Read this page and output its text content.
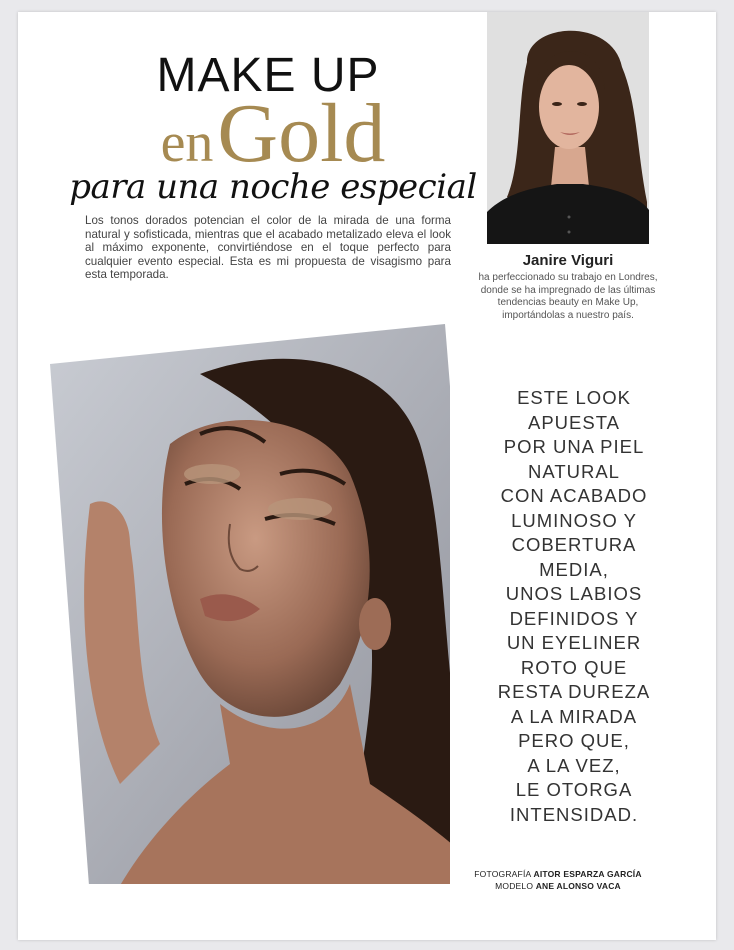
MAKE UP
en Gold
para una noche especial

Los tonos dorados potencian el color de la mirada de una forma natural y sofisticada, mientras que el acabado metalizado eleva el look al máximo exponente, convirtiéndose en el toque perfecto para cualquier evento especial. Esta es mi propuesta de visagismo para esta temporada.

Janire Viguri

ha perfeccionado su trabajo en Londres, donde se ha impregnado de las últimas tendencias beauty en Make Up, importándolas a nuestro país.

ESTE LOOK
APUESTA
POR UNA PIEL
NATURAL
CON ACABADO
LUMINOSO Y
COBERTURA
MEDIA,
UNOS LABIOS
DEFINIDOS Y
UN EYELINER
ROTO QUE
RESTA DUREZA
A LA MIRADA
PERO QUE,
A LA VEZ,
LE OTORGA
INTENSIDAD.

FOTOGRAFÍA AITOR ESPARZA GARCÍA
MODELO ANE ALONSO VACA
